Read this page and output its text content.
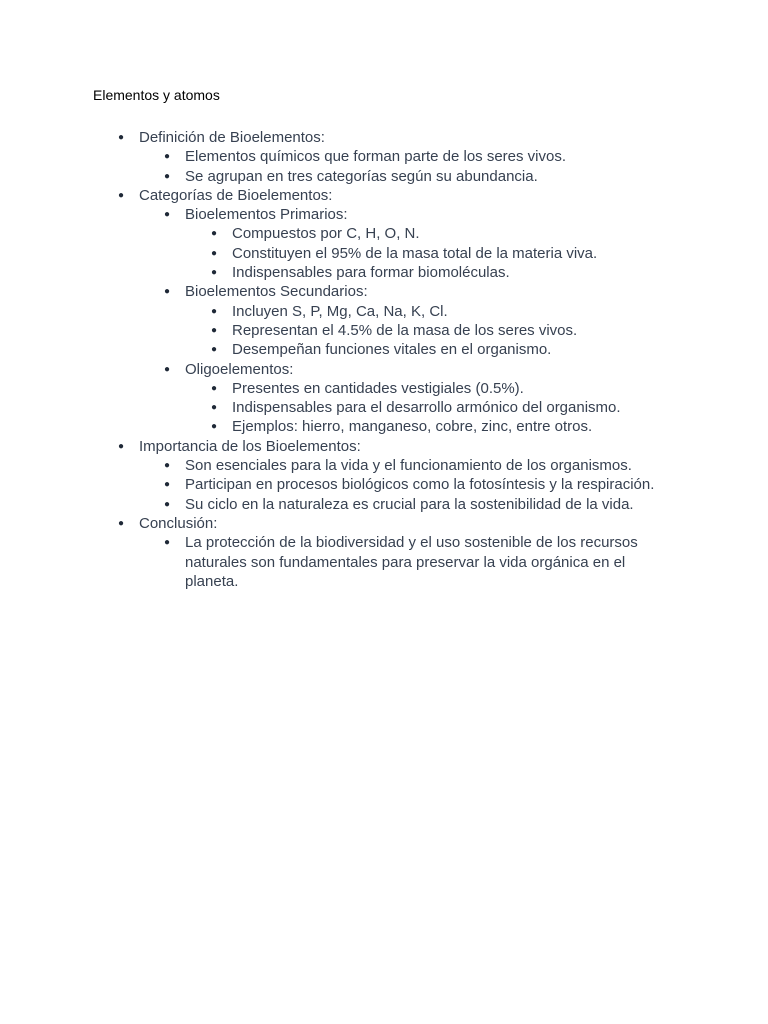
Elementos y atomos
● Definición de Bioelementos:
● Elementos químicos que forman parte de los seres vivos.
● Se agrupan en tres categorías según su abundancia.
● Categorías de Bioelementos:
● Bioelementos Primarios:
● Compuestos por C, H, O, N.
● Constituyen el 95% de la masa total de la materia viva.
● Indispensables para formar biomoléculas.
● Bioelementos Secundarios:
● Incluyen S, P, Mg, Ca, Na, K, Cl.
● Representan el 4.5% de la masa de los seres vivos.
● Desempeñan funciones vitales en el organismo.
● Oligoelementos:
● Presentes en cantidades vestigiales (0.5%).
● Indispensables para el desarrollo armónico del organismo.
● Ejemplos: hierro, manganeso, cobre, zinc, entre otros.
● Importancia de los Bioelementos:
● Son esenciales para la vida y el funcionamiento de los organismos.
● Participan en procesos biológicos como la fotosíntesis y la respiración.
● Su ciclo en la naturaleza es crucial para la sostenibilidad de la vida.
● Conclusión:
● La protección de la biodiversidad y el uso sostenible de los recursos naturales son fundamentales para preservar la vida orgánica en el planeta.
